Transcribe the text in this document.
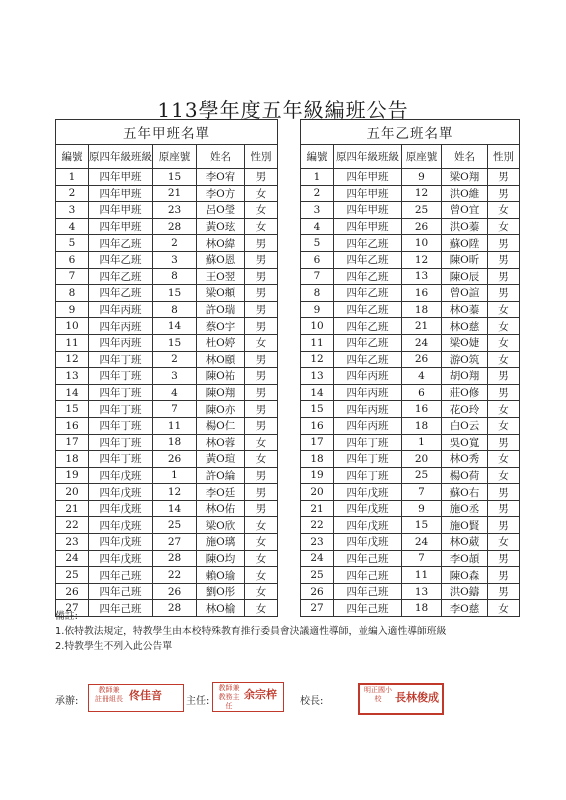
113學年度五年級編班公告
五年甲班名單				
編號	原四年級班級	原座號	姓名	性別
1	四年甲班	15	李O宥	男
2	四年甲班	21	李O方	女
3	四年甲班	23	呂O瑩	女
4	四年甲班	28	黃O玹	女
5	四年乙班	2	林O緯	男
6	四年乙班	3	蘇O恩	男
7	四年乙班	8	王O翌	男
8	四年乙班	15	梁O頫	男
9	四年丙班	8	許O瑞	男
10	四年丙班	14	蔡O宇	男
11	四年丙班	15	杜O婷	女
12	四年丁班	2	林O頤	男
13	四年丁班	3	陳O祐	男
14	四年丁班	4	陳O翔	男
15	四年丁班	7	陳O亦	男
16	四年丁班	11	楊O仁	男
17	四年丁班	18	林O蓉	女
18	四年丁班	26	黃O瑄	女
19	四年戊班	1	許O綸	男
20	四年戊班	12	李O廷	男
21	四年戊班	14	林O佑	男
22	四年戊班	25	梁O欣	女
23	四年戊班	27	施O璃	女
24	四年戊班	28	陳O均	女
25	四年己班	22	賴O瑜	女
26	四年己班	26	劉O彤	女
27	四年己班	28	林O榆	女
五年乙班名單				
編號	原四年級班級	原座號	姓名	性別
1	四年甲班	9	梁O翔	男
2	四年甲班	12	洪O維	男
3	四年甲班	25	曾O宜	女
4	四年甲班	26	洪O蓁	女
5	四年乙班	10	蘇O陞	男
6	四年乙班	12	陳O昕	男
7	四年乙班	13	陳O辰	男
8	四年乙班	16	曾O諠	男
9	四年乙班	18	林O蓁	女
10	四年乙班	21	林O慈	女
11	四年乙班	24	梁O婕	女
12	四年乙班	26	游O筑	女
13	四年丙班	4	胡O翔	男
14	四年丙班	6	莊O修	男
15	四年丙班	16	花O玲	女
16	四年丙班	18	白O云	女
17	四年丁班	1	吳O寬	男
18	四年丁班	20	林O秀	女
19	四年丁班	25	楊O荷	女
20	四年戊班	7	蘇O右	男
21	四年戊班	9	施O丞	男
22	四年戊班	15	施O賢	男
23	四年戊班	24	林O葳	女
24	四年己班	7	李O頡	男
25	四年己班	11	陳O森	男
26	四年己班	13	洪O鑄	男
27	四年己班	18	李O慈	女
備註:
1.依特教法規定，特教學生由本校特殊教育推行委員會決議適性導師，並編入適性導師班級
2.特教學生不列入此公告單
承辦:
教師兼
註冊組長 佟佳音 主任:
教師兼
教務主任
余宗梓
校長:
明正國小
校	長林俊成
